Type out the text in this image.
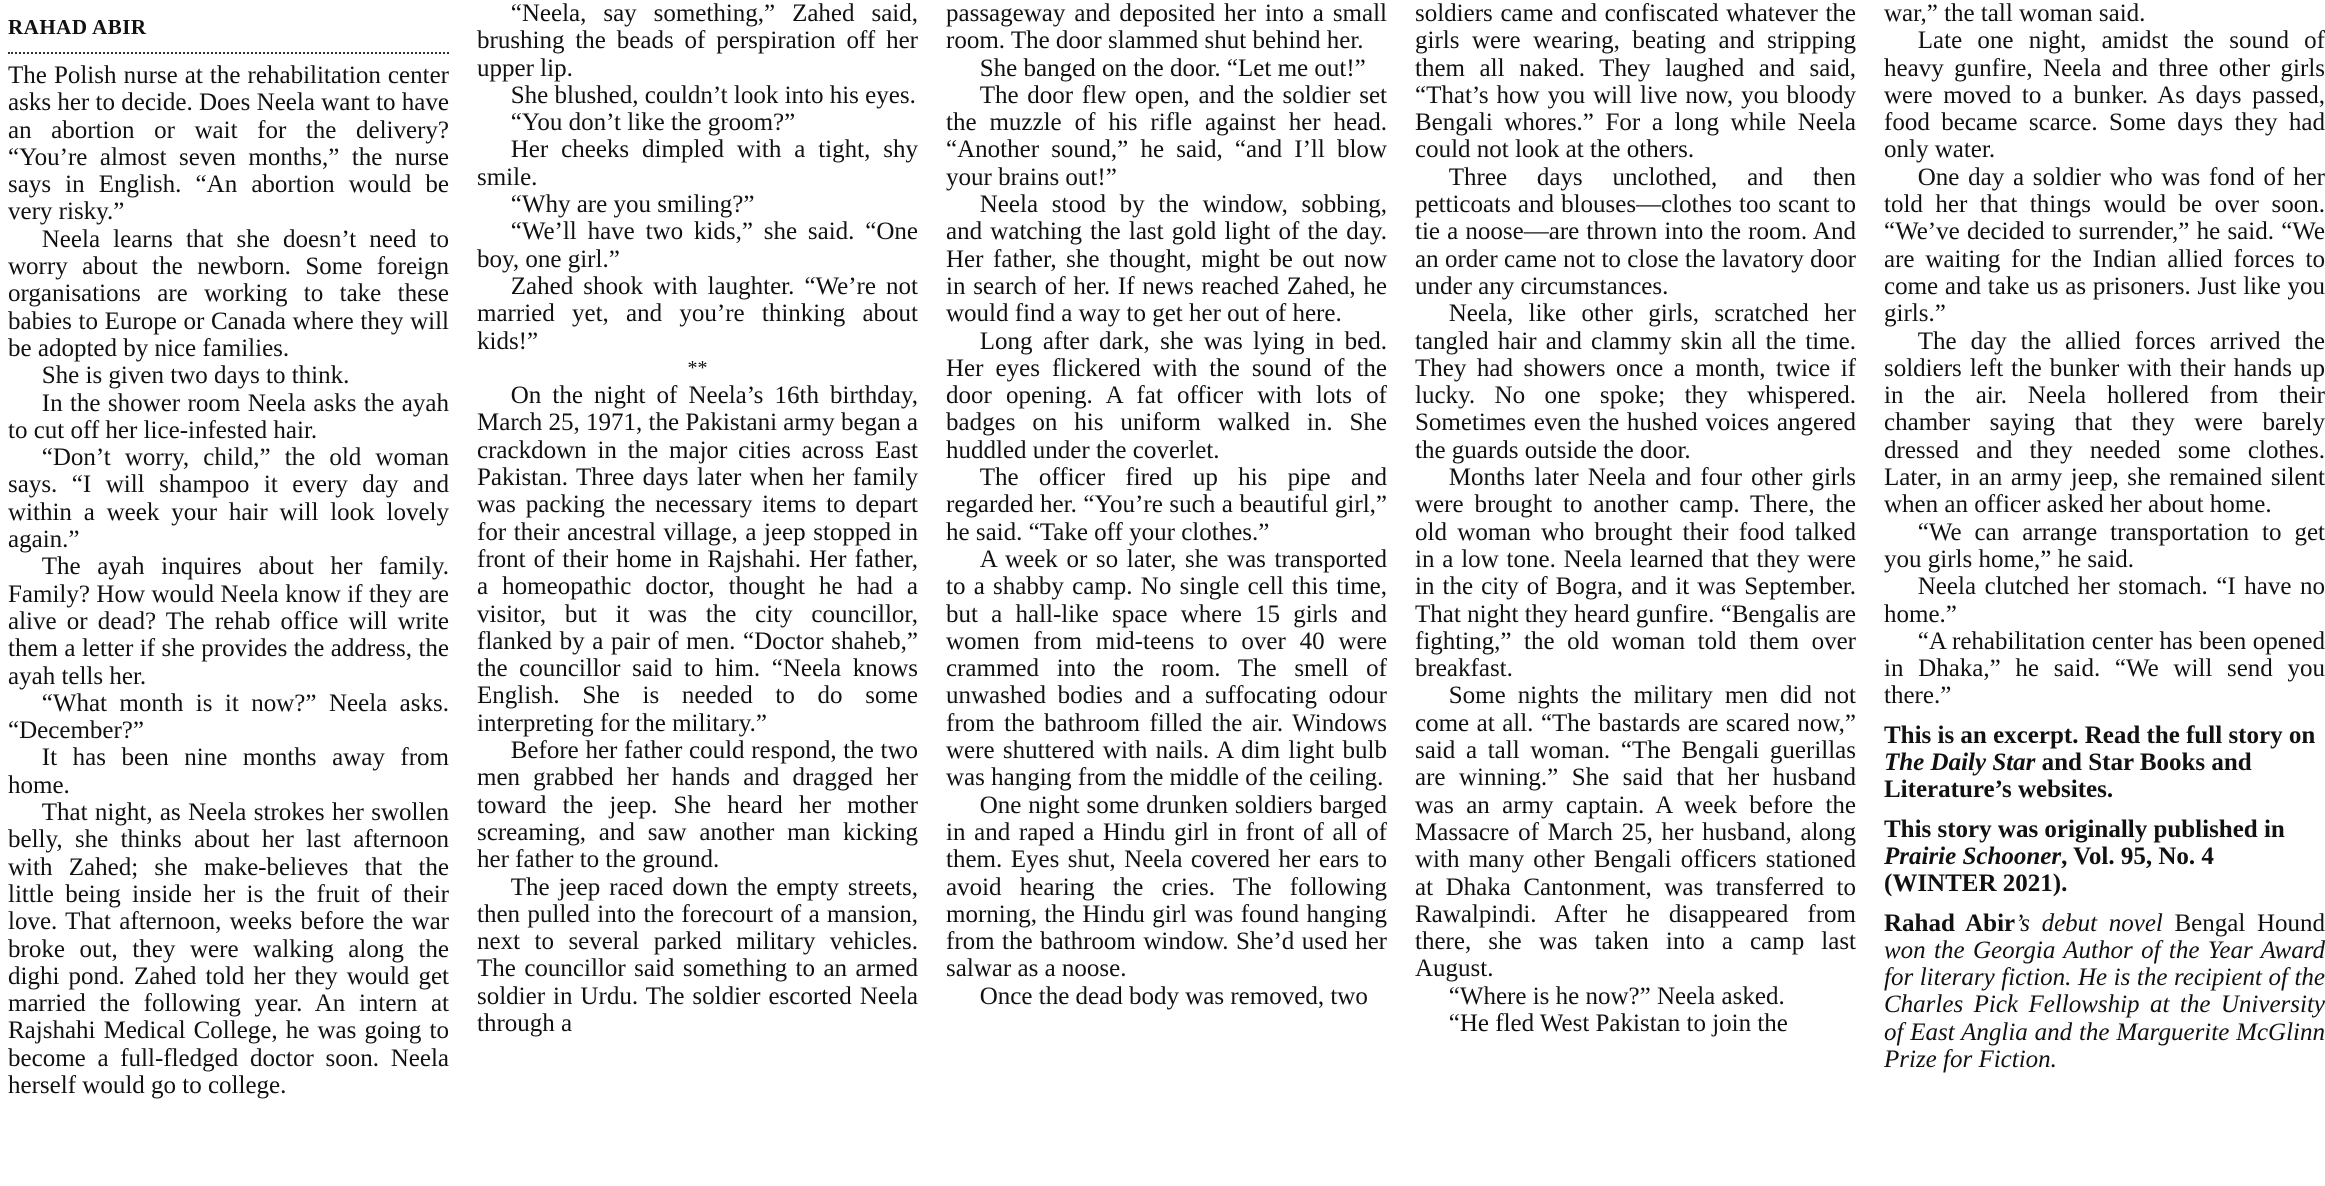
RAHAD ABIR

The Polish nurse at the rehabilitation center asks her to decide. Does Neela want to have an abortion or wait for the delivery? “You’re almost seven months,” the nurse says in English. “An abortion would be very risky.”

Neela learns that she doesn’t need to worry about the newborn. Some foreign organisations are working to take these babies to Europe or Canada where they will be adopted by nice families.

She is given two days to think.

In the shower room Neela asks the ayah to cut off her lice-infested hair.

“Don’t worry, child,” the old woman says. “I will shampoo it every day and within a week your hair will look lovely again.”

The ayah inquires about her family. Family? How would Neela know if they are alive or dead? The rehab office will write them a letter if she provides the address, the ayah tells her.

“What month is it now?” Neela asks. “December?”

It has been nine months away from home.

That night, as Neela strokes her swollen belly, she thinks about her last afternoon with Zahed; she make-believes that the little being inside her is the fruit of their love. That afternoon, weeks before the war broke out, they were walking along the dighi pond. Zahed told her they would get married the following year. An intern at Rajshahi Medical College, he was going to become a full-fledged doctor soon. Neela herself would go to college.

“Neela, say something,” Zahed said, brushing the beads of perspiration off her upper lip.

She blushed, couldn’t look into his eyes.

“You don’t like the groom?”

Her cheeks dimpled with a tight, shy smile.

“Why are you smiling?”

“We’ll have two kids,” she said. “One boy, one girl.”

Zahed shook with laughter. “We’re not married yet, and you’re thinking about kids!”

**

On the night of Neela’s 16th birthday, March 25, 1971, the Pakistani army began a crackdown in the major cities across East Pakistan. Three days later when her family was packing the necessary items to depart for their ancestral village, a jeep stopped in front of their home in Rajshahi. Her father, a homeopathic doctor, thought he had a visitor, but it was the city councillor, flanked by a pair of men. “Doctor shaheb,” the councillor said to him. “Neela knows English. She is needed to do some interpreting for the military.”

Before her father could respond, the two men grabbed her hands and dragged her toward the jeep. She heard her mother screaming, and saw another man kicking her father to the ground.

The jeep raced down the empty streets, then pulled into the forecourt of a mansion, next to several parked military vehicles. The councillor said something to an armed soldier in Urdu. The soldier escorted Neela through a

passageway and deposited her into a small room. The door slammed shut behind her.

She banged on the door. “Let me out!”

The door flew open, and the soldier set the muzzle of his rifle against her head. “Another sound,” he said, “and I’ll blow your brains out!”

Neela stood by the window, sobbing, and watching the last gold light of the day. Her father, she thought, might be out now in search of her. If news reached Zahed, he would find a way to get her out of here.

Long after dark, she was lying in bed. Her eyes flickered with the sound of the door opening. A fat officer with lots of badges on his uniform walked in. She huddled under the coverlet.

The officer fired up his pipe and regarded her. “You’re such a beautiful girl,” he said. “Take off your clothes.”

A week or so later, she was transported to a shabby camp. No single cell this time, but a hall-like space where 15 girls and women from mid-teens to over 40 were crammed into the room. The smell of unwashed bodies and a suffocating odour from the bathroom filled the air. Windows were shuttered with nails. A dim light bulb was hanging from the middle of the ceiling.

One night some drunken soldiers barged in and raped a Hindu girl in front of all of them. Eyes shut, Neela covered her ears to avoid hearing the cries. The following morning, the Hindu girl was found hanging from the bathroom window. She’d used her salwar as a noose.

Once the dead body was removed, two

soldiers came and confiscated whatever the girls were wearing, beating and stripping them all naked. They laughed and said, “That’s how you will live now, you bloody Bengali whores.” For a long while Neela could not look at the others.

Three days unclothed, and then petticoats and blouses—clothes too scant to tie a noose—are thrown into the room. And an order came not to close the lavatory door under any circumstances.

Neela, like other girls, scratched her tangled hair and clammy skin all the time. They had showers once a month, twice if lucky. No one spoke; they whispered. Sometimes even the hushed voices angered the guards outside the door.

Months later Neela and four other girls were brought to another camp. There, the old woman who brought their food talked in a low tone. Neela learned that they were in the city of Bogra, and it was September. That night they heard gunfire. “Bengalis are fighting,” the old woman told them over breakfast.

Some nights the military men did not come at all. “The bastards are scared now,” said a tall woman. “The Bengali guerillas are winning.” She said that her husband was an army captain. A week before the Massacre of March 25, her husband, along with many other Bengali officers stationed at Dhaka Cantonment, was transferred to Rawalpindi. After he disappeared from there, she was taken into a camp last August.

“Where is he now?” Neela asked.

“He fled West Pakistan to join the

war,” the tall woman said.

Late one night, amidst the sound of heavy gunfire, Neela and three other girls were moved to a bunker. As days passed, food became scarce. Some days they had only water.

One day a soldier who was fond of her told her that things would be over soon. “We’ve decided to surrender,” he said. “We are waiting for the Indian allied forces to come and take us as prisoners. Just like you girls.”

The day the allied forces arrived the soldiers left the bunker with their hands up in the air. Neela hollered from their chamber saying that they were barely dressed and they needed some clothes. Later, in an army jeep, she remained silent when an officer asked her about home.

“We can arrange transportation to get you girls home,” he said.

Neela clutched her stomach. “I have no home.”

“A rehabilitation center has been opened in Dhaka,” he said. “We will send you there.”

This is an excerpt. Read the full story on The Daily Star and Star Books and Literature’s websites.

This story was originally published in Prairie Schooner, Vol. 95, No. 4 (WINTER 2021).

Rahad Abir’s debut novel Bengal Hound won the Georgia Author of the Year Award for literary fiction. He is the recipient of the Charles Pick Fellowship at the University of East Anglia and the Marguerite McGlinn Prize for Fiction.
